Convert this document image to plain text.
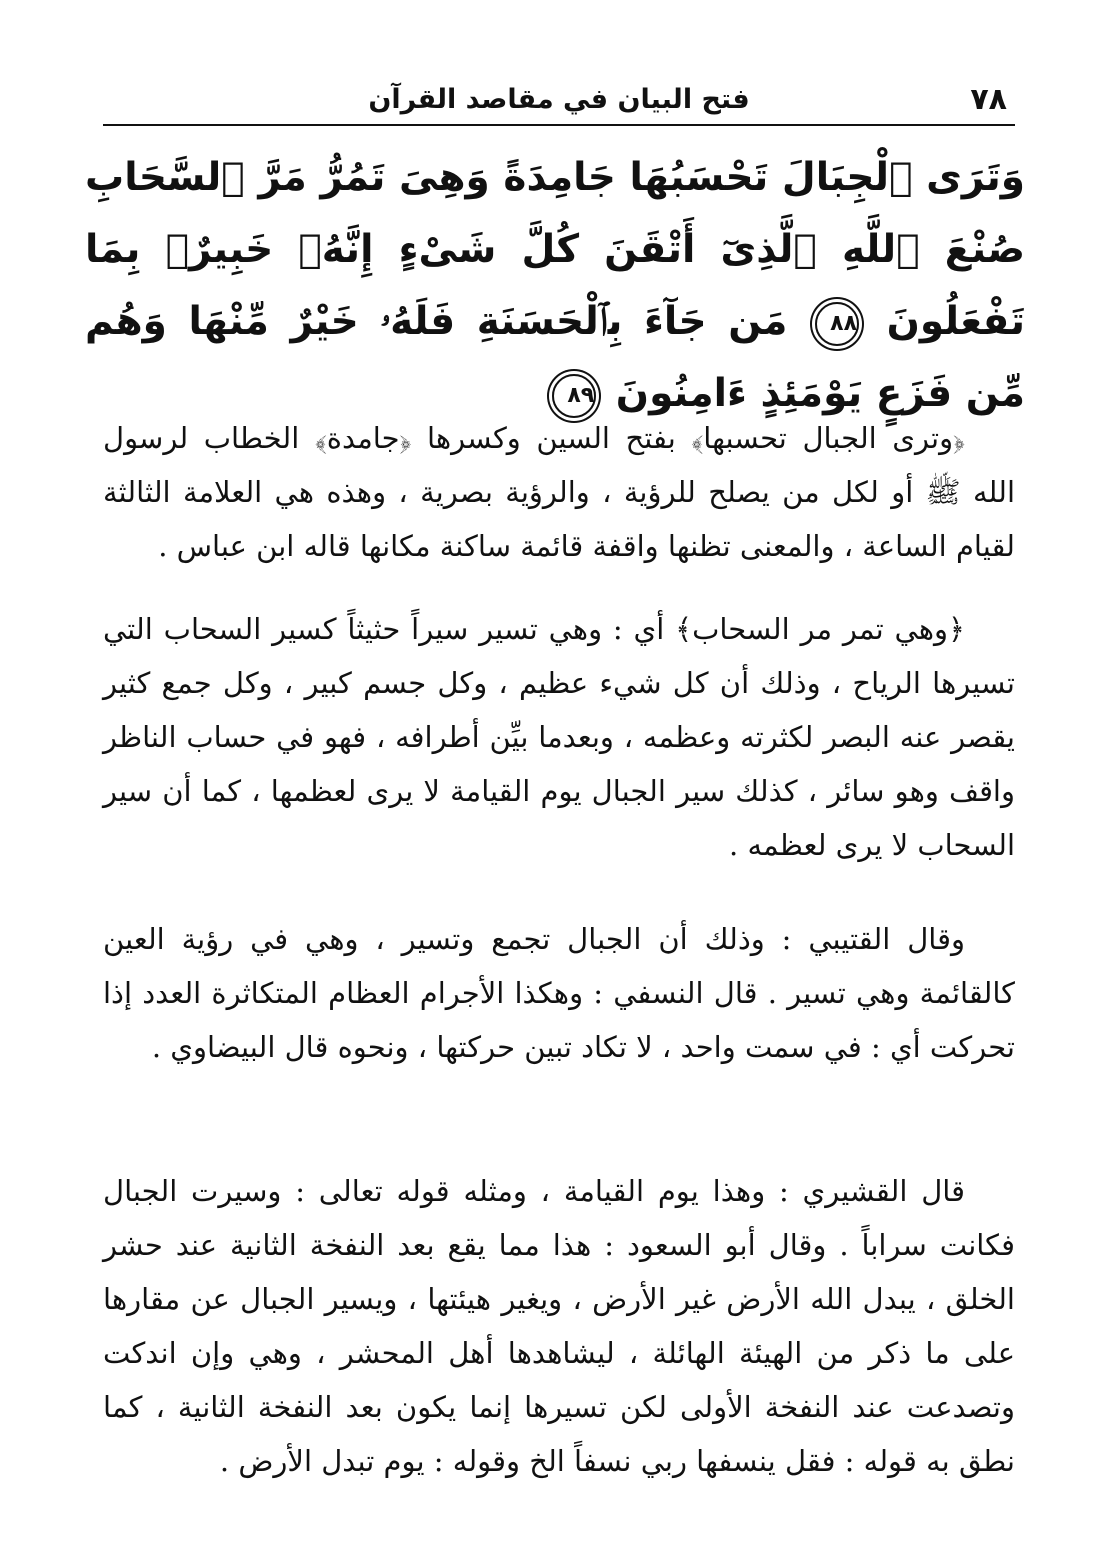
٧٨
فتح البيان في مقاصد القرآن
وَتَرَى ٱلْجِبَالَ تَحْسَبُهَا جَامِدَةً وَهِىَ تَمُرُّ مَرَّ ٱلسَّحَابِ صُنْعَ ٱللَّهِ ٱلَّذِىٓ أَتْقَنَ كُلَّ شَىْءٍ إِنَّهُۥ خَبِيرٌۢ بِمَا تَفْعَلُونَ ٨٨ مَن جَآءَ بِٱلْحَسَنَةِ فَلَهُۥ خَيْرٌ مِّنْهَا وَهُم مِّن فَزَعٍ يَوْمَئِذٍ ءَامِنُونَ ٨٩

﴿وترى الجبال تحسبها﴾ بفتح السين وكسرها ﴿جامدة﴾ الخطاب لرسول الله ﷺ أو لكل من يصلح للرؤية ، والرؤية بصرية ، وهذه هي العلامة الثالثة لقيام الساعة ، والمعنى تظنها واقفة قائمة ساكنة مكانها قاله ابن عباس .

﴿وهي تمر مر السحاب﴾ أي : وهي تسير سيراً حثيثاً كسير السحاب التي تسيرها الرياح ، وذلك أن كل شيء عظيم ، وكل جسم كبير ، وكل جمع كثير يقصر عنه البصر لكثرته وعظمه ، وبعدما بيِّن أطرافه ، فهو في حساب الناظر واقف وهو سائر ، كذلك سير الجبال يوم القيامة لا يرى لعظمها ، كما أن سير السحاب لا يرى لعظمه .

وقال القتيبي : وذلك أن الجبال تجمع وتسير ، وهي في رؤية العين كالقائمة وهي تسير . قال النسفي : وهكذا الأجرام العظام المتكاثرة العدد إذا تحركت أي : في سمت واحد ، لا تكاد تبين حركتها ، ونحوه قال البيضاوي .

قال القشيري : وهذا يوم القيامة ، ومثله قوله تعالى : وسيرت الجبال فكانت سراباً . وقال أبو السعود : هذا مما يقع بعد النفخة الثانية عند حشر الخلق ، يبدل الله الأرض غير الأرض ، ويغير هيئتها ، ويسير الجبال عن مقارها على ما ذكر من الهيئة الهائلة ، ليشاهدها أهل المحشر ، وهي وإن اندكت وتصدعت عند النفخة الأولى لكن تسيرها إنما يكون بعد النفخة الثانية ، كما نطق به قوله : فقل ينسفها ربي نسفاً الخ وقوله : يوم تبدل الأرض .
